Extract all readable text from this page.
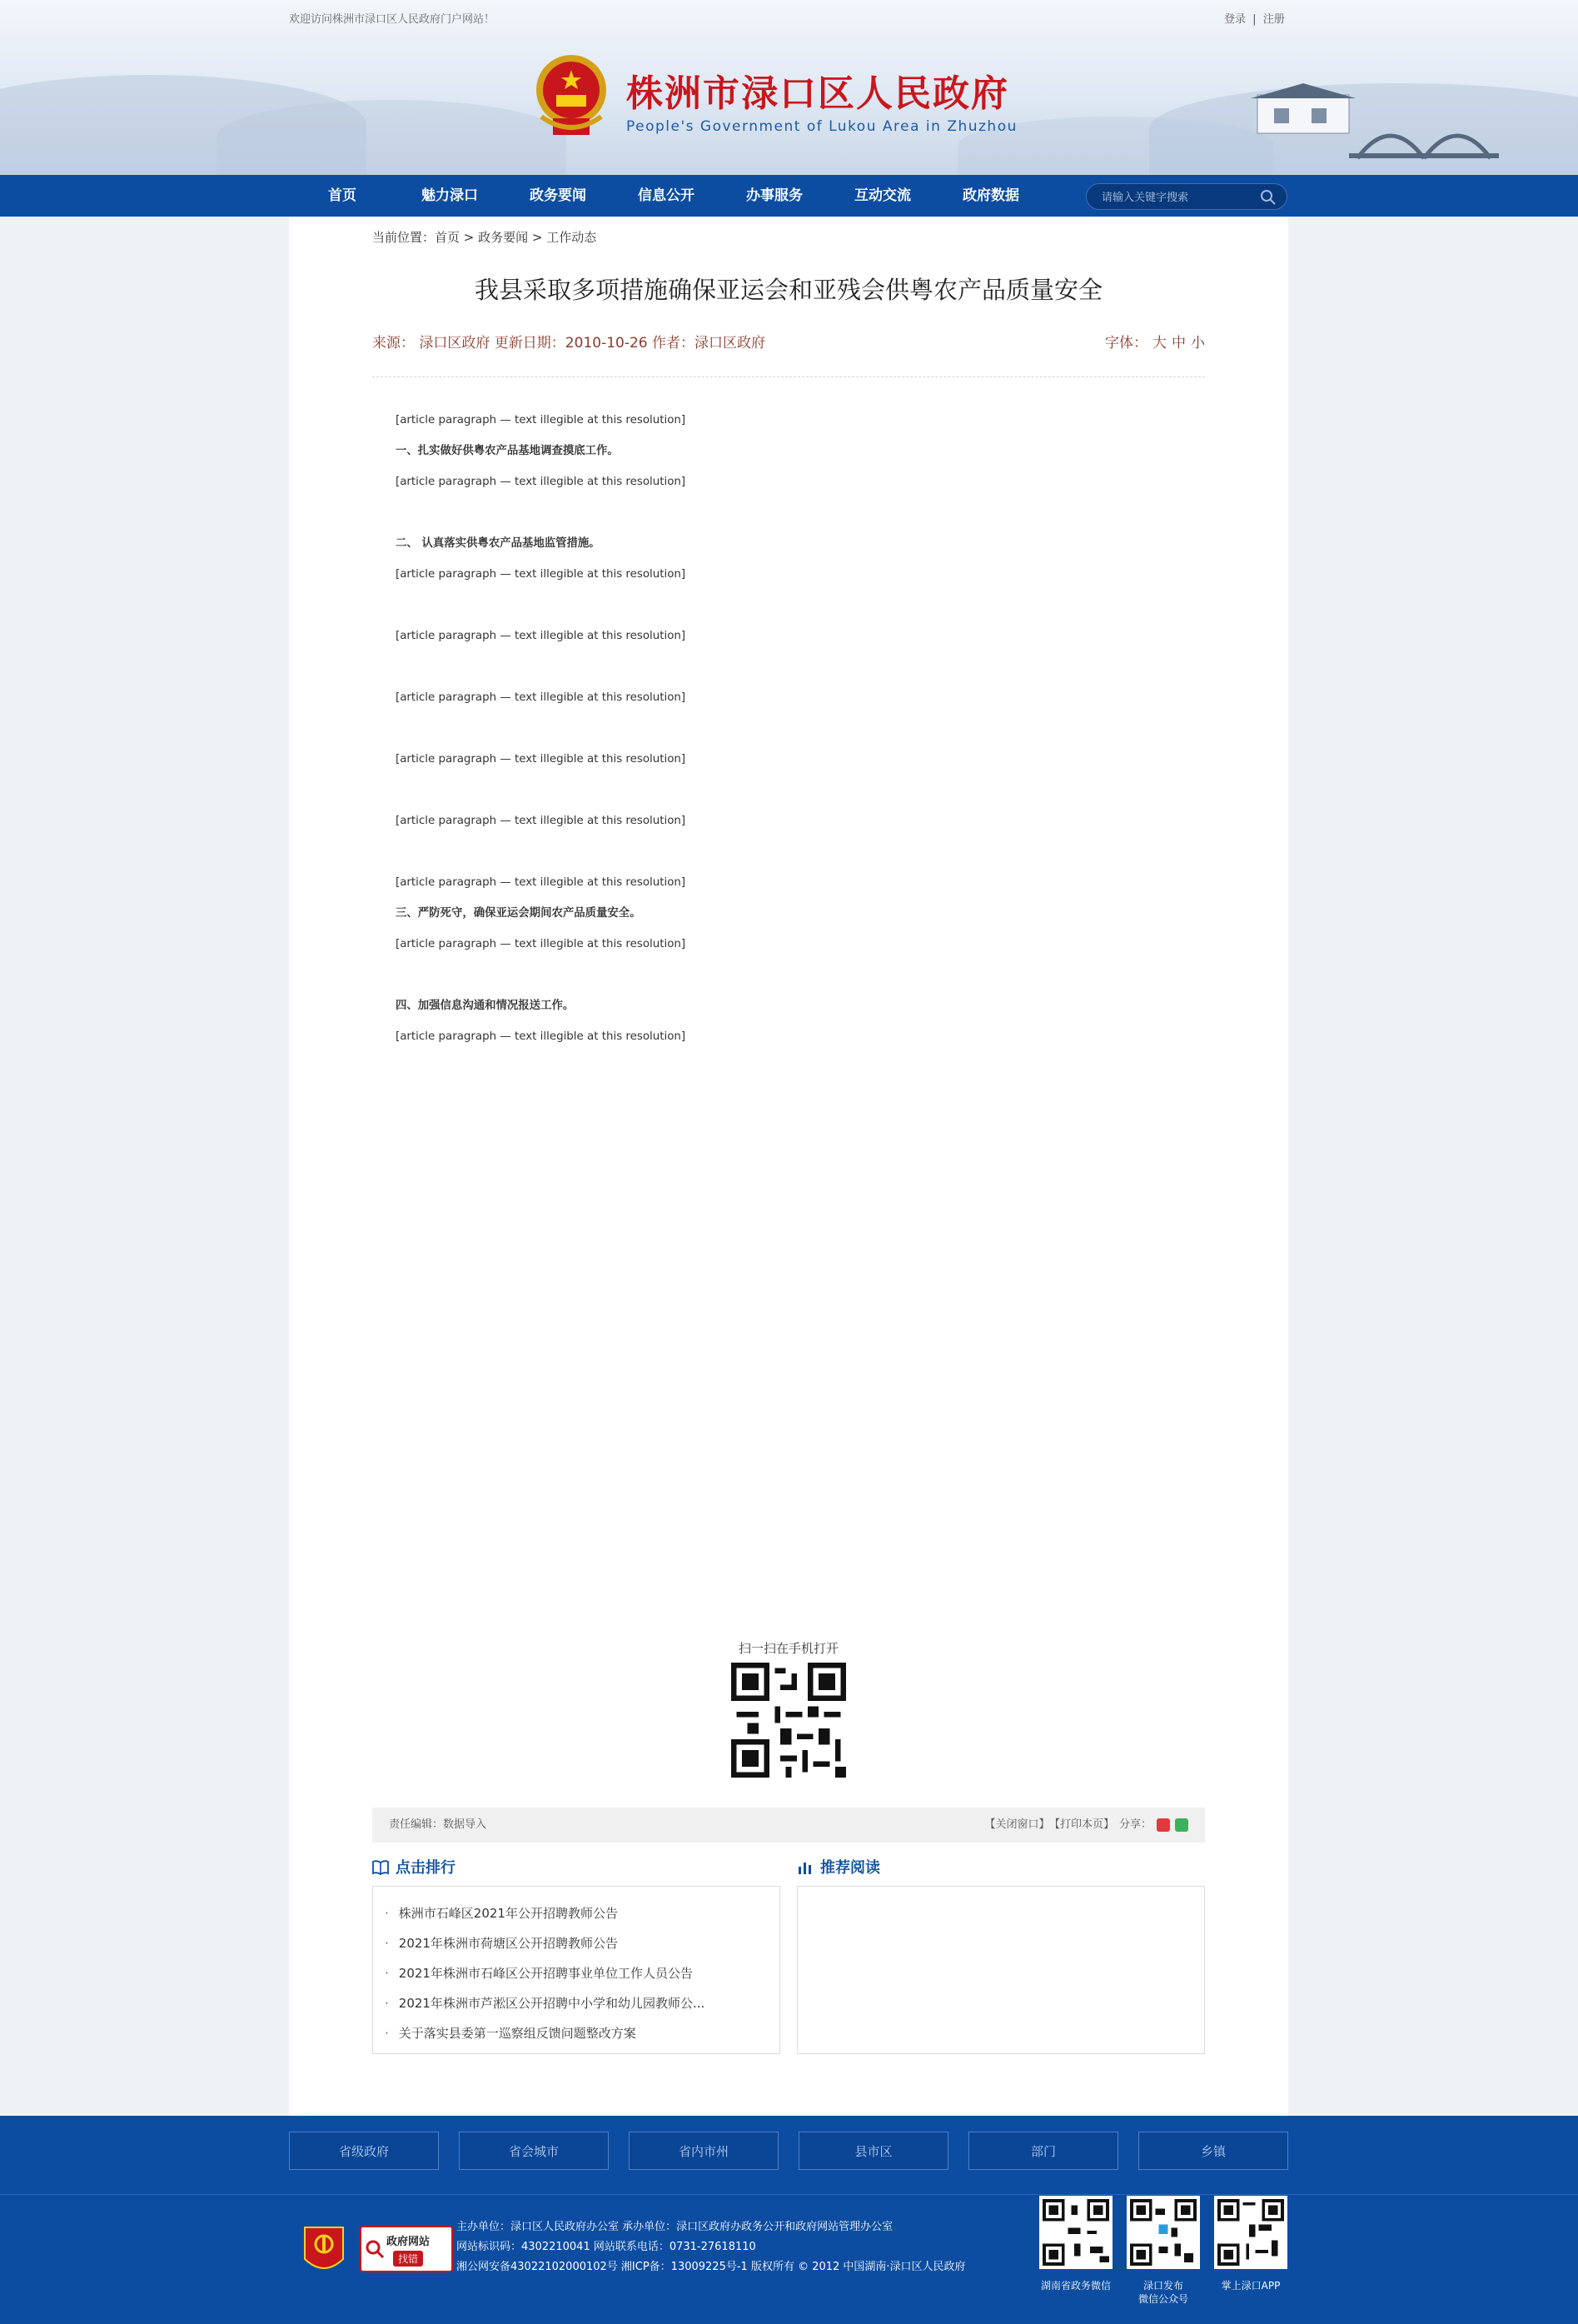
欢迎访问株洲市渌口区人民政府门户网站！	登录 | 注册
株洲市渌口区人民政府
People's Government of Lukou Area in Zhuzhou
首页	魅力渌口	政务要闻	信息公开	办事服务	互动交流	政府数据
请输入关键字搜索
当前位置：首页 > 政务要闻 > 工作动态
我县采取多项措施确保亚运会和亚残会供粤农产品质量安全
来源： 渌口区政府 更新日期：2010-10-26 作者：渌口区政府	字体： 大 中 小

[article paragraph — text illegible at this resolution]

一、扎实做好供粤农产品基地调查摸底工作。

[article paragraph — text illegible at this resolution]

二、 认真落实供粤农产品基地监管措施。

[article paragraph — text illegible at this resolution]

[article paragraph — text illegible at this resolution]

[article paragraph — text illegible at this resolution]

[article paragraph — text illegible at this resolution]

[article paragraph — text illegible at this resolution]

[article paragraph — text illegible at this resolution]

三、严防死守，确保亚运会期间农产品质量安全。

[article paragraph — text illegible at this resolution]

四、加强信息沟通和情况报送工作。

[article paragraph — text illegible at this resolution]

扫一扫在手机打开
责任编辑：数据导入	【关闭窗口】 【打印本页】 分享：
点击排行
· 株洲市石峰区2021年公开招聘教师公告
· 2021年株洲市荷塘区公开招聘教师公告
· 2021年株洲市石峰区公开招聘事业单位工作人员公告
· 2021年株洲市芦淞区公开招聘中小学和幼儿园教师公...
· 关于落实县委第一巡察组反馈问题整改方案
推荐阅读
省级政府	省会城市	省内市州	县市区	部门	乡镇
政府网站
找错
主办单位：渌口区人民政府办公室 承办单位：渌口区政府办政务公开和政府网站管理办公室
网站标识码：4302210041 网站联系电话：0731-27618110
湘公网安备43022102000102号 湘ICP备：13009225号-1 版权所有 © 2012 中国湖南·渌口区人民政府
湖南省政务微信	渌口发布
微信公众号
掌上渌口APP
